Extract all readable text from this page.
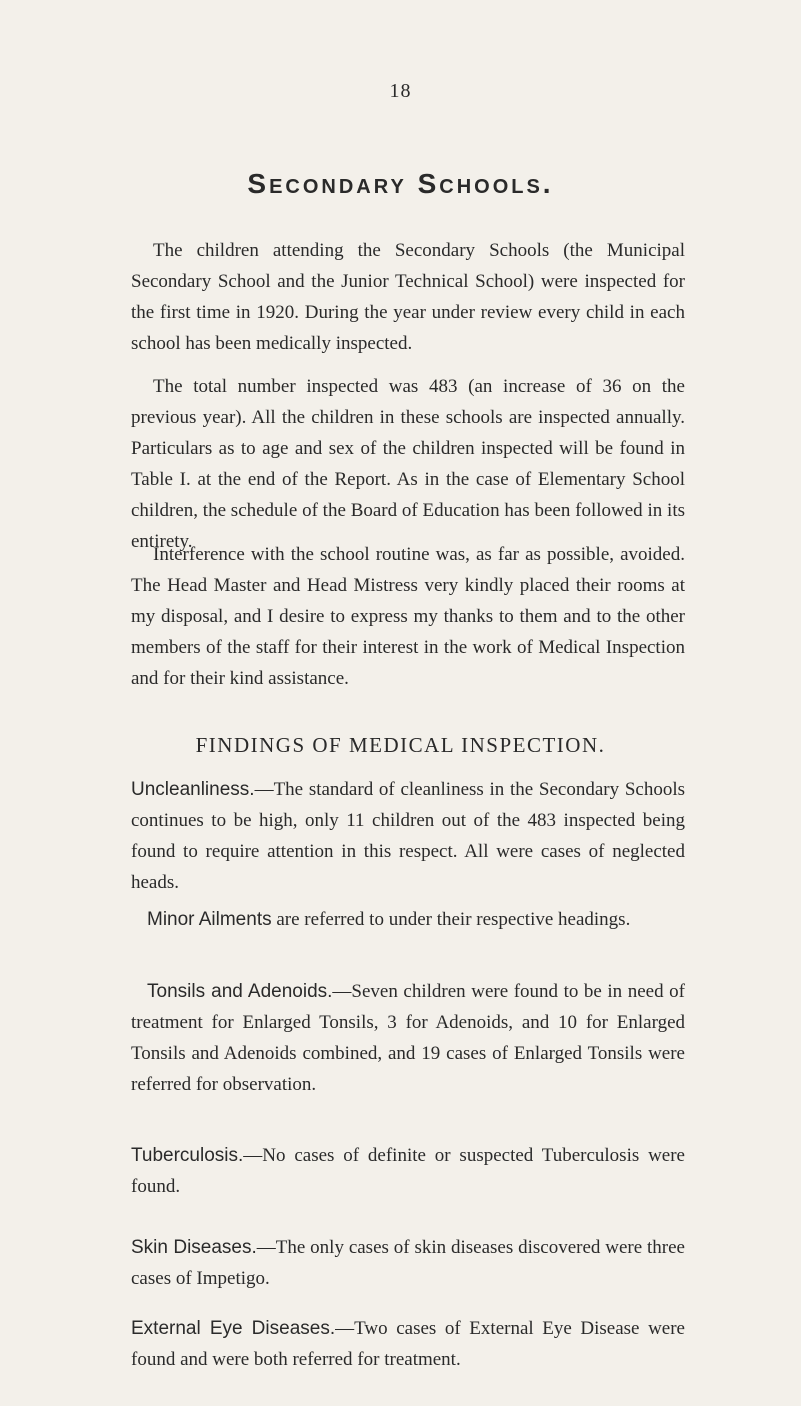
18
Secondary Schools.

The children attending the Secondary Schools (the Municipal Secondary School and the Junior Technical School) were inspected for the first time in 1920. During the year under review every child in each school has been medically inspected.

The total number inspected was 483 (an increase of 36 on the previous year). All the children in these schools are inspected annually. Particulars as to age and sex of the children inspected will be found in Table I. at the end of the Report. As in the case of Elementary School children, the schedule of the Board of Education has been followed in its entirety.

Interference with the school routine was, as far as possible, avoided. The Head Master and Head Mistress very kindly placed their rooms at my disposal, and I desire to express my thanks to them and to the other members of the staff for their interest in the work of Medical Inspection and for their kind assistance.

FINDINGS OF MEDICAL INSPECTION.

Uncleanliness.—The standard of cleanliness in the Secondary Schools continues to be high, only 11 children out of the 483 inspected being found to require attention in this respect. All were cases of neglected heads.

Minor Ailments are referred to under their respective headings.

Tonsils and Adenoids.—Seven children were found to be in need of treatment for Enlarged Tonsils, 3 for Adenoids, and 10 for Enlarged Tonsils and Adenoids combined, and 19 cases of Enlarged Tonsils were referred for observation.

Tuberculosis.—No cases of definite or suspected Tuberculosis were found.

Skin Diseases.—The only cases of skin diseases discovered were three cases of Impetigo.

External Eye Diseases.—Two cases of External Eye Disease were found and were both referred for treatment.
